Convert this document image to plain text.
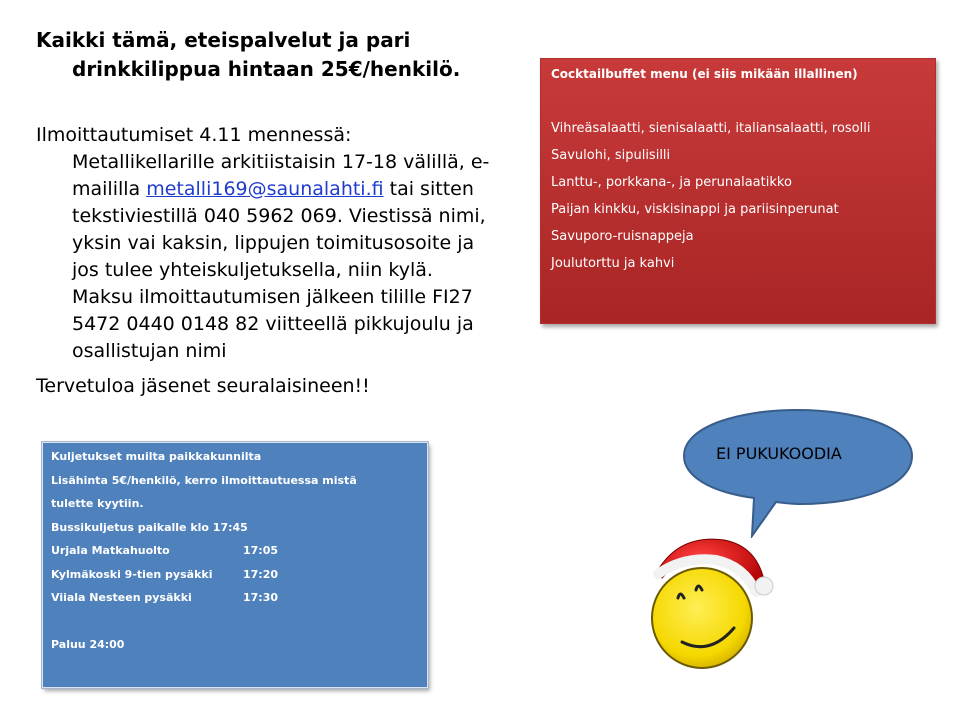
Kaikki tämä, eteispalvelut ja pari
drinkkilippua hintaan 25€/henkilö.
Ilmoittautumiset 4.11 mennessä:
Metallikellarille arkitiistaisin 17-18 välillä, e-
maililla metalli169@saunalahti.fi tai sitten
tekstiviestillä 040 5962 069. Viestissä nimi,
yksin vai kaksin, lippujen toimitusosoite ja
jos tulee yhteiskuljetuksella, niin kylä.
Maksu ilmoittautumisen jälkeen tilille FI27
5472 0440 0148 82 viitteellä pikkujoulu ja
osallistujan nimi
Tervetuloa jäsenet seuralaisineen!!
Cocktailbuffet menu (ei siis mikään illallinen)
Vihreäsalaatti, sienisalaatti, italiansalaatti, rosolli
Savulohi, sipulisilli
Lanttu-, porkkana-, ja perunalaatikko
Paijan kinkku, viskisinappi ja pariisinperunat
Savuporo-ruisnappeja
Joulutorttu ja kahvi
Kuljetukset muilta paikkakunnilta
Lisähinta 5€/henkilö, kerro ilmoittautuessa mistä
tulette kyytiin.
Bussikuljetus paikalle klo 17:45
Urjala Matkahuolto	17:05
Kylmäkoski 9-tien pysäkki	17:20
Viiala Nesteen pysäkki	17:30
Paluu 24:00
EI PUKUKOODIA
